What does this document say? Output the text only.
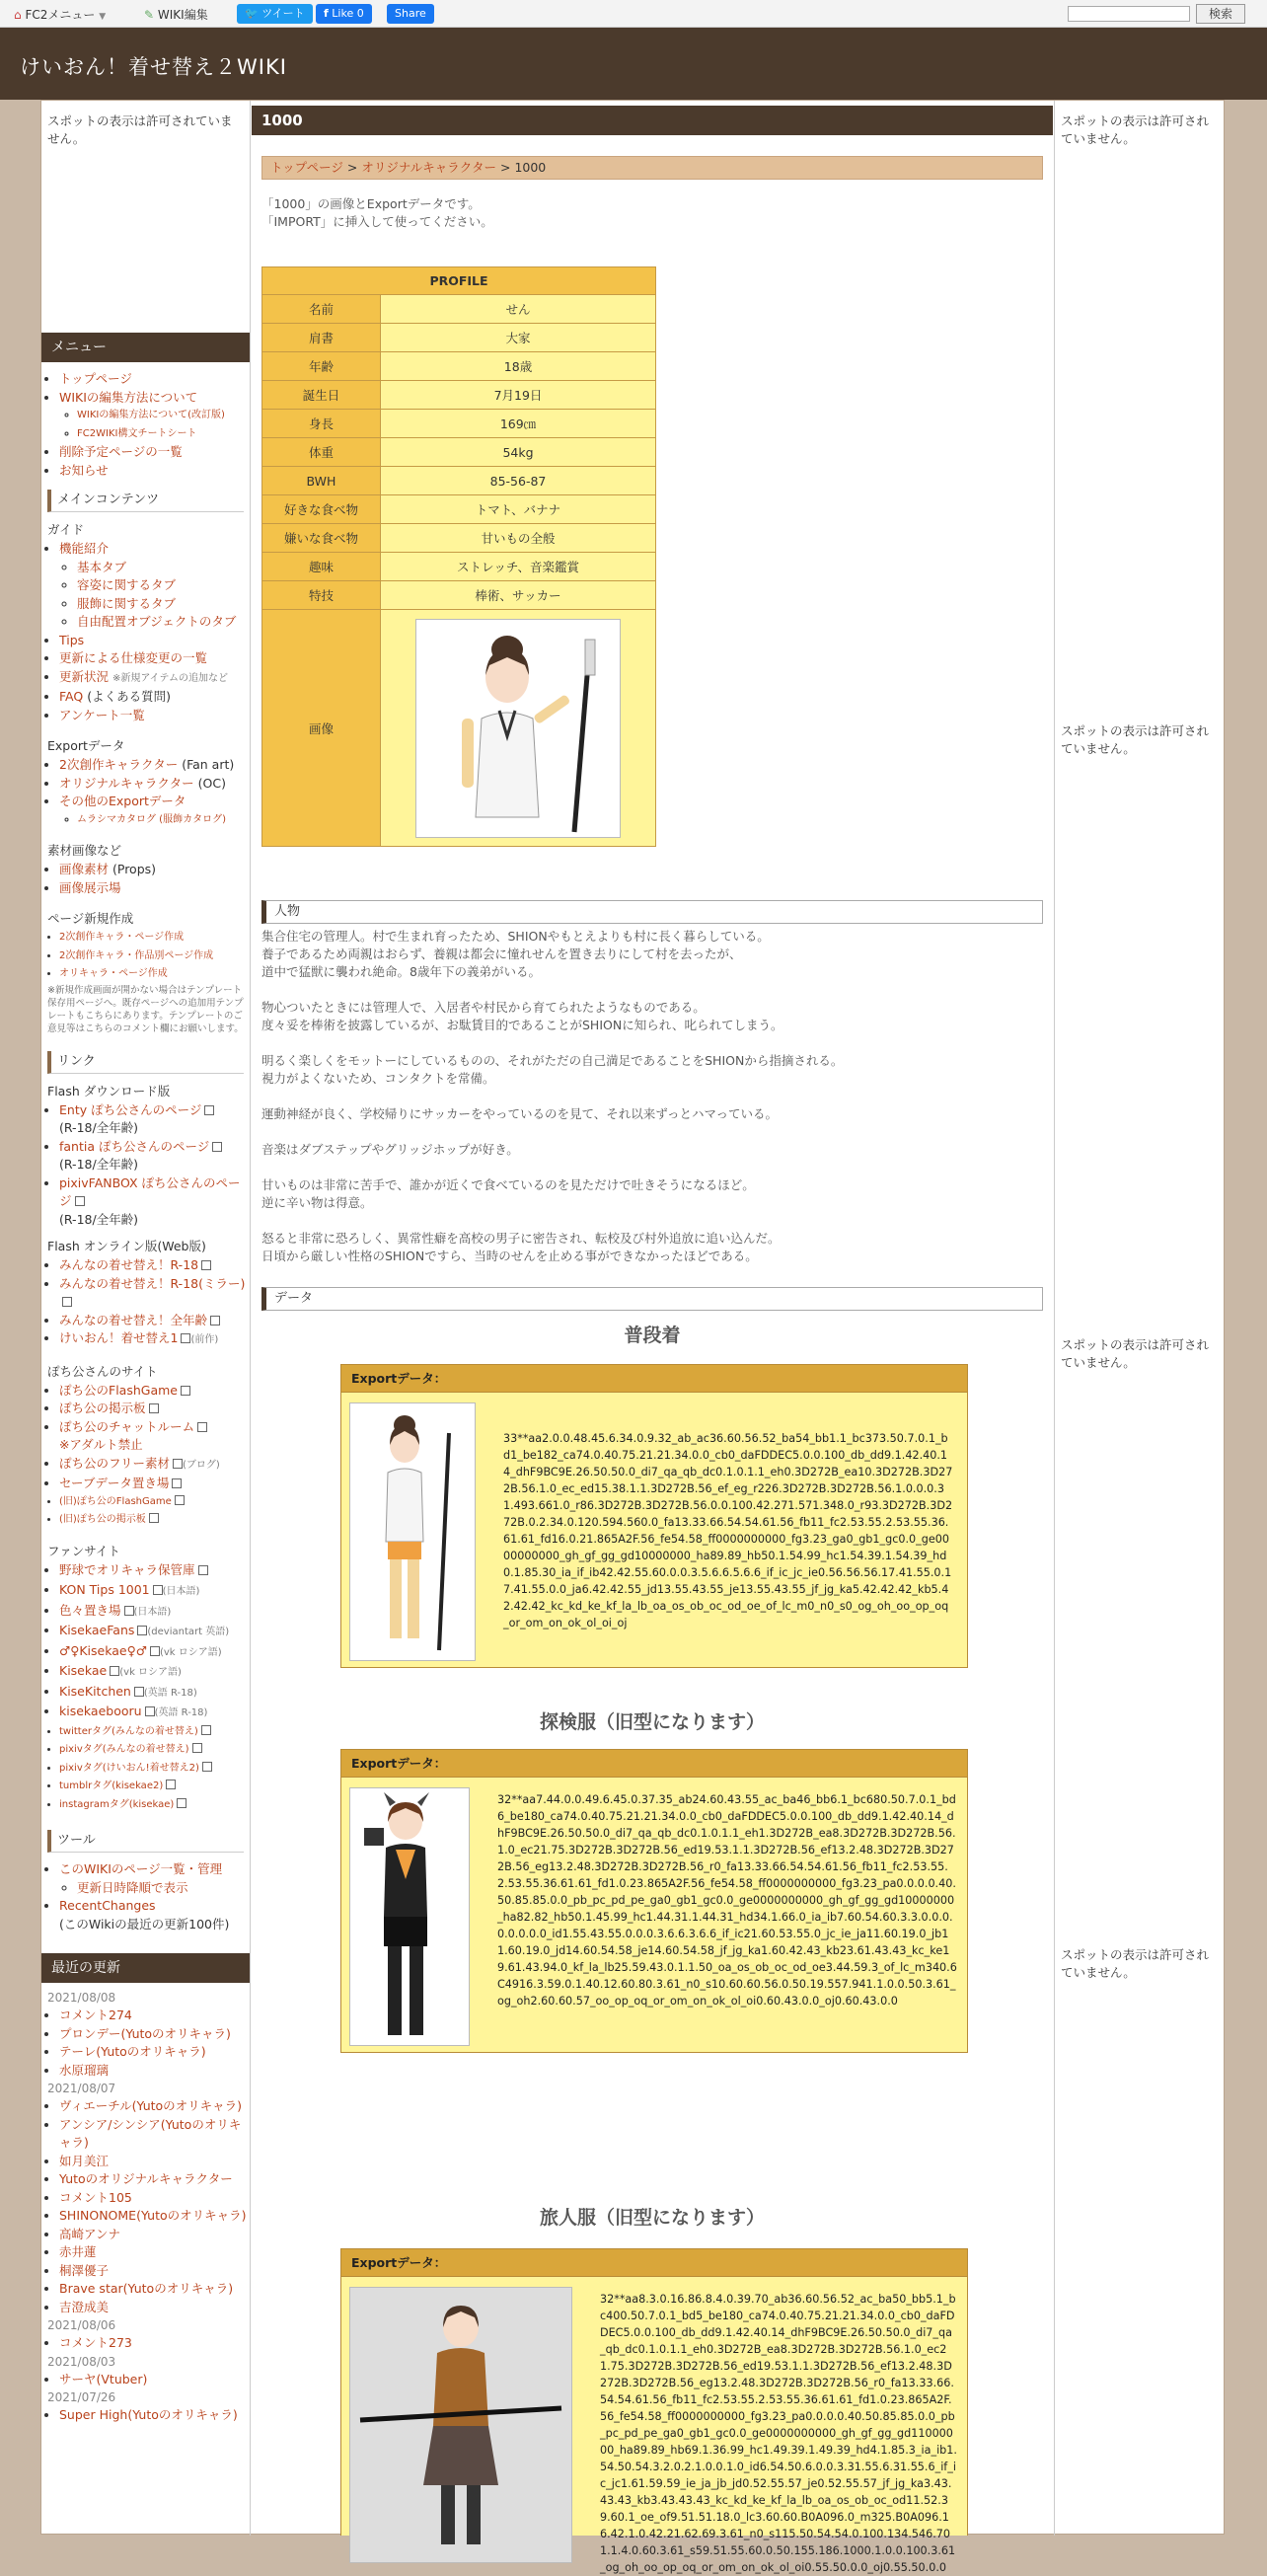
⌂ FC2メニュー ▼	✎ WIKI編集	🐦 ツイート	f Like 0	Share	検索
けいおん！着せ替え２WIKI
スポットの表示は許可されていません。
メニュー
• トップページ
• WIKIの編集方法について
◦ WIKIの編集方法について(改訂版)
◦ FC2WIKI構文チートシート
• 削除予定ページの一覧
• お知らせ
メインコンテンツ
ガイド
• 機能紹介
◦ 基本タブ
◦ 容姿に関するタブ
◦ 服飾に関するタブ
◦ 自由配置オブジェクトのタブ
• Tips
• 更新による仕様変更の一覧
• 更新状況 ※新規アイテムの追加など
• FAQ (よくある質問)
• アンケート一覧
Exportデータ
• 2次創作キャラクター (Fan art)
• オリジナルキャラクター (OC)
• その他のExportデータ
◦ ムラシマカタログ (服飾カタログ)
素材画像など
• 画像素材 (Props)
• 画像展示場
ページ新規作成
• 2次創作キャラ・ページ作成
• 2次創作キャラ・作品別ページ作成
• オリキャラ・ページ作成
※新規作成画面が開かない場合はテンプレート保存用ページへ。既存ページへの追加用テンプレートもこちらにあります。テンプレートのご意見等はこちらのコメント欄にお願いします。
リンク
Flash ダウンロード版
• Enty ぽち公さんのページ
(R-18/全年齢)
• fantia ぽち公さんのページ
(R-18/全年齢)
• pixivFANBOX ぽち公さんのページ
(R-18/全年齢)
Flash オンライン版(Web版)
• みんなの着せ替え！R-18
• みんなの着せ替え！R-18(ミラー)
• みんなの着せ替え！全年齢
• けいおん！着せ替え1 (前作)
ぽち公さんのサイト
• ぽち公のFlashGame
• ぽち公の掲示板
• ぽち公のチャットルーム
※アダルト禁止
• ぽち公のフリー素材 (ブログ)
• セーブデータ置き場
• (旧)ぽち公のFlashGame
• (旧)ぽち公の掲示板
ファンサイト
• 野球でオリキャラ保管庫
• KON Tips 1001 (日本語)
• 色々置き場 (日本語)
• KisekaeFans (deviantart 英語)
• ♂♀Kisekae♀♂ (vk ロシア語)
• Kisekae (vk ロシア語)
• KiseKitchen (英語 R-18)
• kisekaebooru (英語 R-18)
• twitterタグ(みんなの着せ替え)
• pixivタグ(みんなの着せ替え)
• pixivタグ(けいおん!着せ替え2)
• tumblrタグ(kisekae2)
• instagramタグ(kisekae)
ツール
• このWIKIのページ一覧・管理
◦ 更新日時降順で表示
• RecentChanges
(このWikiの最近の更新100件)
最近の更新
2021/08/08
• コメント274
• プロンデー(Yutoのオリキャラ)
• テーレ(Yutoのオリキャラ)
• 水原瑠璃
2021/08/07
• ヴィエーチル(Yutoのオリキャラ)
• アンシア/シンシア(Yutoのオリキャラ)
• 如月美江
• Yutoのオリジナルキャラクター
• コメント105
• SHINONOME(Yutoのオリキャラ)
• 高崎アンナ
• 赤井蓮
• 桐澤優子
• Brave star(Yutoのオリキャラ)
• 吉澄成美
2021/08/06
• コメント273
2021/08/03
• サーヤ(Vtuber)
2021/07/26
• Super High(Yutoのオリキャラ)
1000
トップページ > オリジナルキャラクター > 1000
「1000」の画像とExportデータです。
「IMPORT」に挿入して使ってください。
PROFILE	
名前	せん
肩書	大家
年齢	18歳
誕生日	7月19日
身長	169㎝
体重	54kg
BWH	85-56-87
好きな食べ物	トマト、バナナ
嫌いな食べ物	甘いもの全般
趣味	ストレッチ、音楽鑑賞
特技	棒術、サッカー
画像	
人物

集合住宅の管理人。村で生まれ育ったため、SHIONやもとえよりも村に長く暮らしている。
養子であるため両親はおらず、養親は都会に憧れせんを置き去りにして村を去ったが、
道中で猛獣に襲われ絶命。8歳年下の義弟がいる。

物心ついたときには管理人で、入居者や村民から育てられたようなものである。
度々妥を棒術を披露しているが、お駄賃目的であることがSHIONに知られ、叱られてしまう。

明るく楽しくをモットーにしているものの、それがただの自己満足であることをSHIONから指摘される。
視力がよくないため、コンタクトを常備。

運動神経が良く、学校帰りにサッカーをやっているのを見て、それ以来ずっとハマっている。

音楽はダブステップやグリッジホップが好き。

甘いものは非常に苦手で、誰かが近くで食べているのを見ただけで吐きそうになるほど。
逆に辛い物は得意。

怒ると非常に恐ろしく、異常性癖を高校の男子に密告され、転校及び村外追放に追い込んだ。
日頃から厳しい性格のSHIONですら、当時のせんを止める事ができなかったほどである。

データ
普段着
Exportデータ：
33**aa2.0.0.48.45.6.34.0.9.32_ab_ac36.60.56.52_ba54_bb1.1_bc373.50.7.0.1_bd1_be182_ca74.0.40.75.21.21.34.0.0_cb0_daFDDEC5.0.0.100_db_dd9.1.42.40.14_dhF9BC9E.26.50.50.0_di7_qa_qb_dc0.1.0.1.1_eh0.3D272B_ea10.3D272B.3D272B.56.1.0_ec_ed15.38.1.1.3D272B.56_ef_eg_r226.3D272B.3D272B.56.1.0.0.0.31.493.661.0_r86.3D272B.3D272B.56.0.0.100.42.271.571.348.0_r93.3D272B.3D272B.0.2.34.0.120.594.560.0_fa13.33.66.54.54.61.56_fb11_fc2.53.55.2.53.55.36.61.61_fd16.0.21.865A2F.56_fe54.58_ff0000000000_fg3.23_ga0_gb1_gc0.0_ge0000000000_gh_gf_gg_gd10000000_ha89.89_hb50.1.54.99_hc1.54.39.1.54.39_hd0.1.85.30_ia_if_ib42.42.55.60.0.0.3.5.6.6.5.6.6_if_ic_jc_ie0.56.56.56.17.41.55.0.17.41.55.0.0_ja6.42.42.55_jd13.55.43.55_je13.55.43.55_jf_jg_ka5.42.42.42_kb5.42.42.42_kc_kd_ke_kf_la_lb_oa_os_ob_oc_od_oe_of_lc_m0_n0_s0_og_oh_oo_op_oq_or_om_on_ok_ol_oi_oj
探検服（旧型になります）
Exportデータ：
32**aa7.44.0.0.49.6.45.0.37.35_ab24.60.43.55_ac_ba46_bb6.1_bc680.50.7.0.1_bd6_be180_ca74.0.40.75.21.21.34.0.0_cb0_daFDDEC5.0.0.100_db_dd9.1.42.40.14_dhF9BC9E.26.50.50.0_di7_qa_qb_dc0.1.0.1.1_eh1.3D272B_ea8.3D272B.3D272B.56.1.0_ec21.75.3D272B.3D272B.56_ed19.53.1.1.3D272B.56_ef13.2.48.3D272B.3D272B.56_eg13.2.48.3D272B.3D272B.56_r0_fa13.33.66.54.54.61.56_fb11_fc2.53.55.2.53.55.36.61.61_fd1.0.23.865A2F.56_fe54.58_ff0000000000_fg3.23_pa0.0.0.0.40.50.85.85.0.0_pb_pc_pd_pe_ga0_gb1_gc0.0_ge0000000000_gh_gf_gg_gd10000000_ha82.82_hb50.1.45.99_hc1.44.31.1.44.31_hd34.1.66.0_ia_ib7.60.54.60.3.3.0.0.0.0.0.0.0.0_id1.55.43.55.0.0.0.3.6.6.3.6.6_if_ic21.60.53.55.0_jc_ie_ja11.60.19.0_jb11.60.19.0_jd14.60.54.58_je14.60.54.58_jf_jg_ka1.60.42.43_kb23.61.43.43_kc_ke19.61.43.94.0_kf_la_lb25.59.43.0.1.1.50_oa_os_ob_oc_od_oe3.44.59.3_of_lc_m340.6C4916.3.59.0.1.40.12.60.80.3.61_n0_s10.60.60.56.0.50.19.557.941.1.0.0.50.3.61_og_oh2.60.60.57_oo_op_oq_or_om_on_ok_ol_oi0.60.43.0.0_oj0.60.43.0.0
旅人服（旧型になります）
Exportデータ：
32**aa8.3.0.16.86.8.4.0.39.70_ab36.60.56.52_ac_ba50_bb5.1_bc400.50.7.0.1_bd5_be180_ca74.0.40.75.21.21.34.0.0_cb0_daFDDEC5.0.0.100_db_dd9.1.42.40.14_dhF9BC9E.26.50.50.0_di7_qa_qb_dc0.1.0.1.1_eh0.3D272B_ea8.3D272B.3D272B.56.1.0_ec21.75.3D272B.3D272B.56_ed19.53.1.1.3D272B.56_ef13.2.48.3D272B.3D272B.56_eg13.2.48.3D272B.3D272B.56_r0_fa13.33.66.54.54.61.56_fb11_fc2.53.55.2.53.55.36.61.61_fd1.0.23.865A2F.56_fe54.58_ff0000000000_fg3.23_pa0.0.0.0.40.50.85.85.0.0_pb_pc_pd_pe_ga0_gb1_gc0.0_ge0000000000_gh_gf_gg_gd11000000_ha89.89_hb69.1.36.99_hc1.49.39.1.49.39_hd4.1.85.3_ia_ib1.54.50.54.3.2.0.2.1.0.0.1.0_id6.54.50.6.0.0.3.31.55.6.31.55.6_if_ic_jc1.61.59.59_ie_ja_jb_jd0.52.55.57_je0.52.55.57_jf_jg_ka3.43.43.43_kb3.43.43.43_kc_kd_ke_kf_la_lb_oa_os_ob_oc_od11.52.39.60.1_oe_of9.51.51.18.0_lc3.60.60.B0A096.0_m325.B0A096.16.42.1.0.42.21.62.69.3.61_n0_s115.50.54.54.0.100.134.546.701.1.4.0.60.3.61_s59.51.55.60.0.50.155.186.1000.1.0.0.100.3.61_og_oh_oo_op_oq_or_om_on_ok_ol_oi0.55.50.0.0_oj0.55.50.0.0
スポットの表示は許可されていません。
スポットの表示は許可されていません。
スポットの表示は許可されていません。
スポットの表示は許可されていません。
